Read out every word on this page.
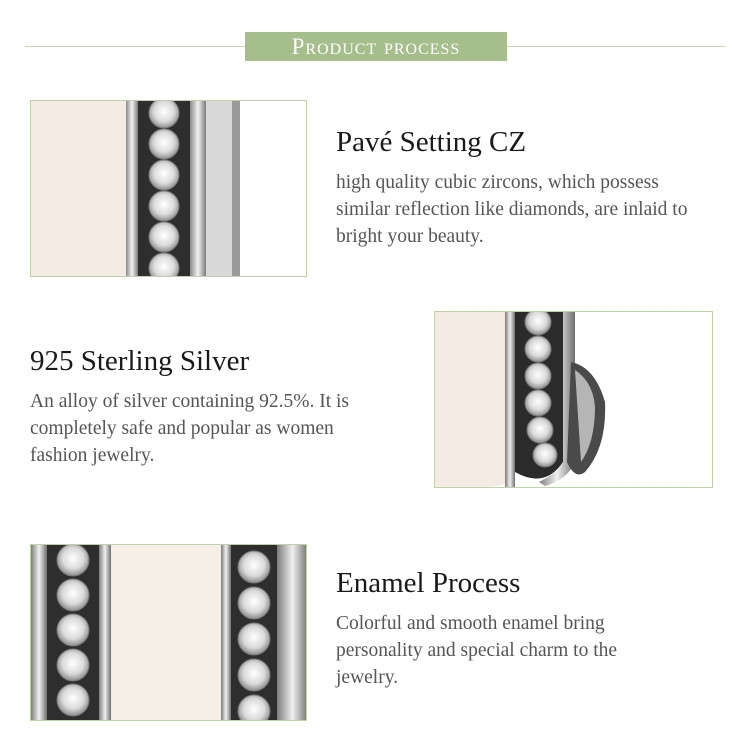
Product process
Pavé Setting CZ
high quality cubic zircons, which possess similar reflection like diamonds, are inlaid to bright your beauty.
925 Sterling Silver
An alloy of silver containing 92.5%. It is completely safe and popular as women fashion jewelry.
Enamel Process
Colorful and smooth enamel bring personality and special charm to the jewelry.
